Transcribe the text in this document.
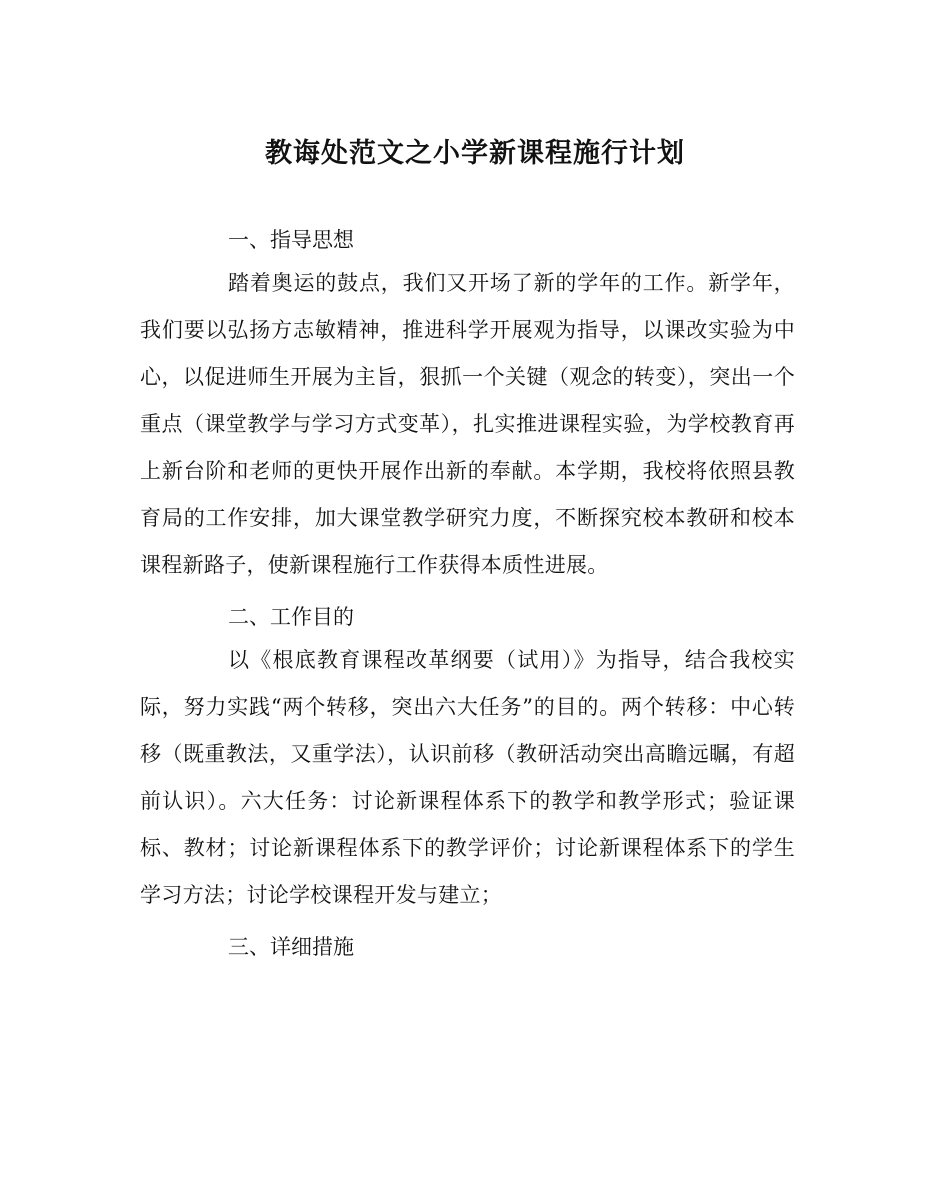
教诲处范文之小学新课程施行计划
一、指导思想
踏着奥运的鼓点，我们又开场了新的学年的工作。新学年，我们要以弘扬方志敏精神，推进科学开展观为指导，以课改实验为中心，以促进师生开展为主旨，狠抓一个关键（观念的转变），突出一个重点（课堂教学与学习方式变革），扎实推进课程实验，为学校教育再上新台阶和老师的更快开展作出新的奉献。本学期，我校将依照县教育局的工作安排，加大课堂教学研究力度，不断探究校本教研和校本课程新路子，使新课程施行工作获得本质性进展。
二、工作目的
以《根底教育课程改革纲要（试用）》为指导，结合我校实际，努力实践“两个转移，突出六大任务”的目的。两个转移：中心转移（既重教法，又重学法），认识前移（教研活动突出高瞻远瞩，有超前认识）。六大任务：讨论新课程体系下的教学和教学形式；验证课标、教材；讨论新课程体系下的教学评价；讨论新课程体系下的学生学习方法；讨论学校课程开发与建立；
三、详细措施
